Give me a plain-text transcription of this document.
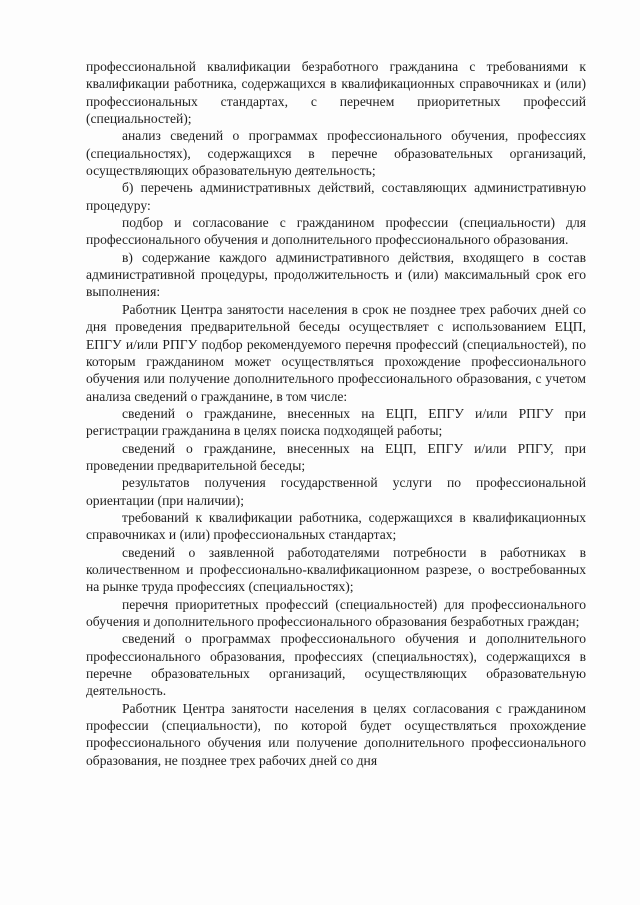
профессиональной квалификации безработного гражданина с требованиями к квалификации работника, содержащихся в квалификационных справочниках и (или) профессиональных стандартах, с перечнем приоритетных профессий (специальностей);

анализ сведений о программах профессионального обучения, профессиях (специальностях), содержащихся в перечне образовательных организаций, осуществляющих образовательную деятельность;

б) перечень административных действий, составляющих административную процедуру:

подбор и согласование с гражданином профессии (специальности) для профессионального обучения и дополнительного профессионального образования.

в) содержание каждого административного действия, входящего в состав административной процедуры, продолжительность и (или) максимальный срок его выполнения:

Работник Центра занятости населения в срок не позднее трех рабочих дней со дня проведения предварительной беседы осуществляет с использованием ЕЦП, ЕПГУ и/или РПГУ подбор рекомендуемого перечня профессий (специальностей), по которым гражданином может осуществляться прохождение профессионального обучения или получение дополнительного профессионального образования, с учетом анализа сведений о гражданине, в том числе:

сведений о гражданине, внесенных на ЕЦП, ЕПГУ и/или РПГУ при регистрации гражданина в целях поиска подходящей работы;

сведений о гражданине, внесенных на ЕЦП, ЕПГУ и/или РПГУ, при проведении предварительной беседы;

результатов получения государственной услуги по профессиональной ориентации (при наличии);

требований к квалификации работника, содержащихся в квалификационных справочниках и (или) профессиональных стандартах;

сведений о заявленной работодателями потребности в работниках в количественном и профессионально-квалификационном разрезе, о востребованных на рынке труда профессиях (специальностях);

перечня приоритетных профессий (специальностей) для профессионального обучения и дополнительного профессионального образования безработных граждан;

сведений о программах профессионального обучения и дополнительного профессионального образования, профессиях (специальностях), содержащихся в перечне образовательных организаций, осуществляющих образовательную деятельность.

Работник Центра занятости населения в целях согласования с гражданином профессии (специальности), по которой будет осуществляться прохождение профессионального обучения или получение дополнительного профессионального образования, не позднее трех рабочих дней со дня
